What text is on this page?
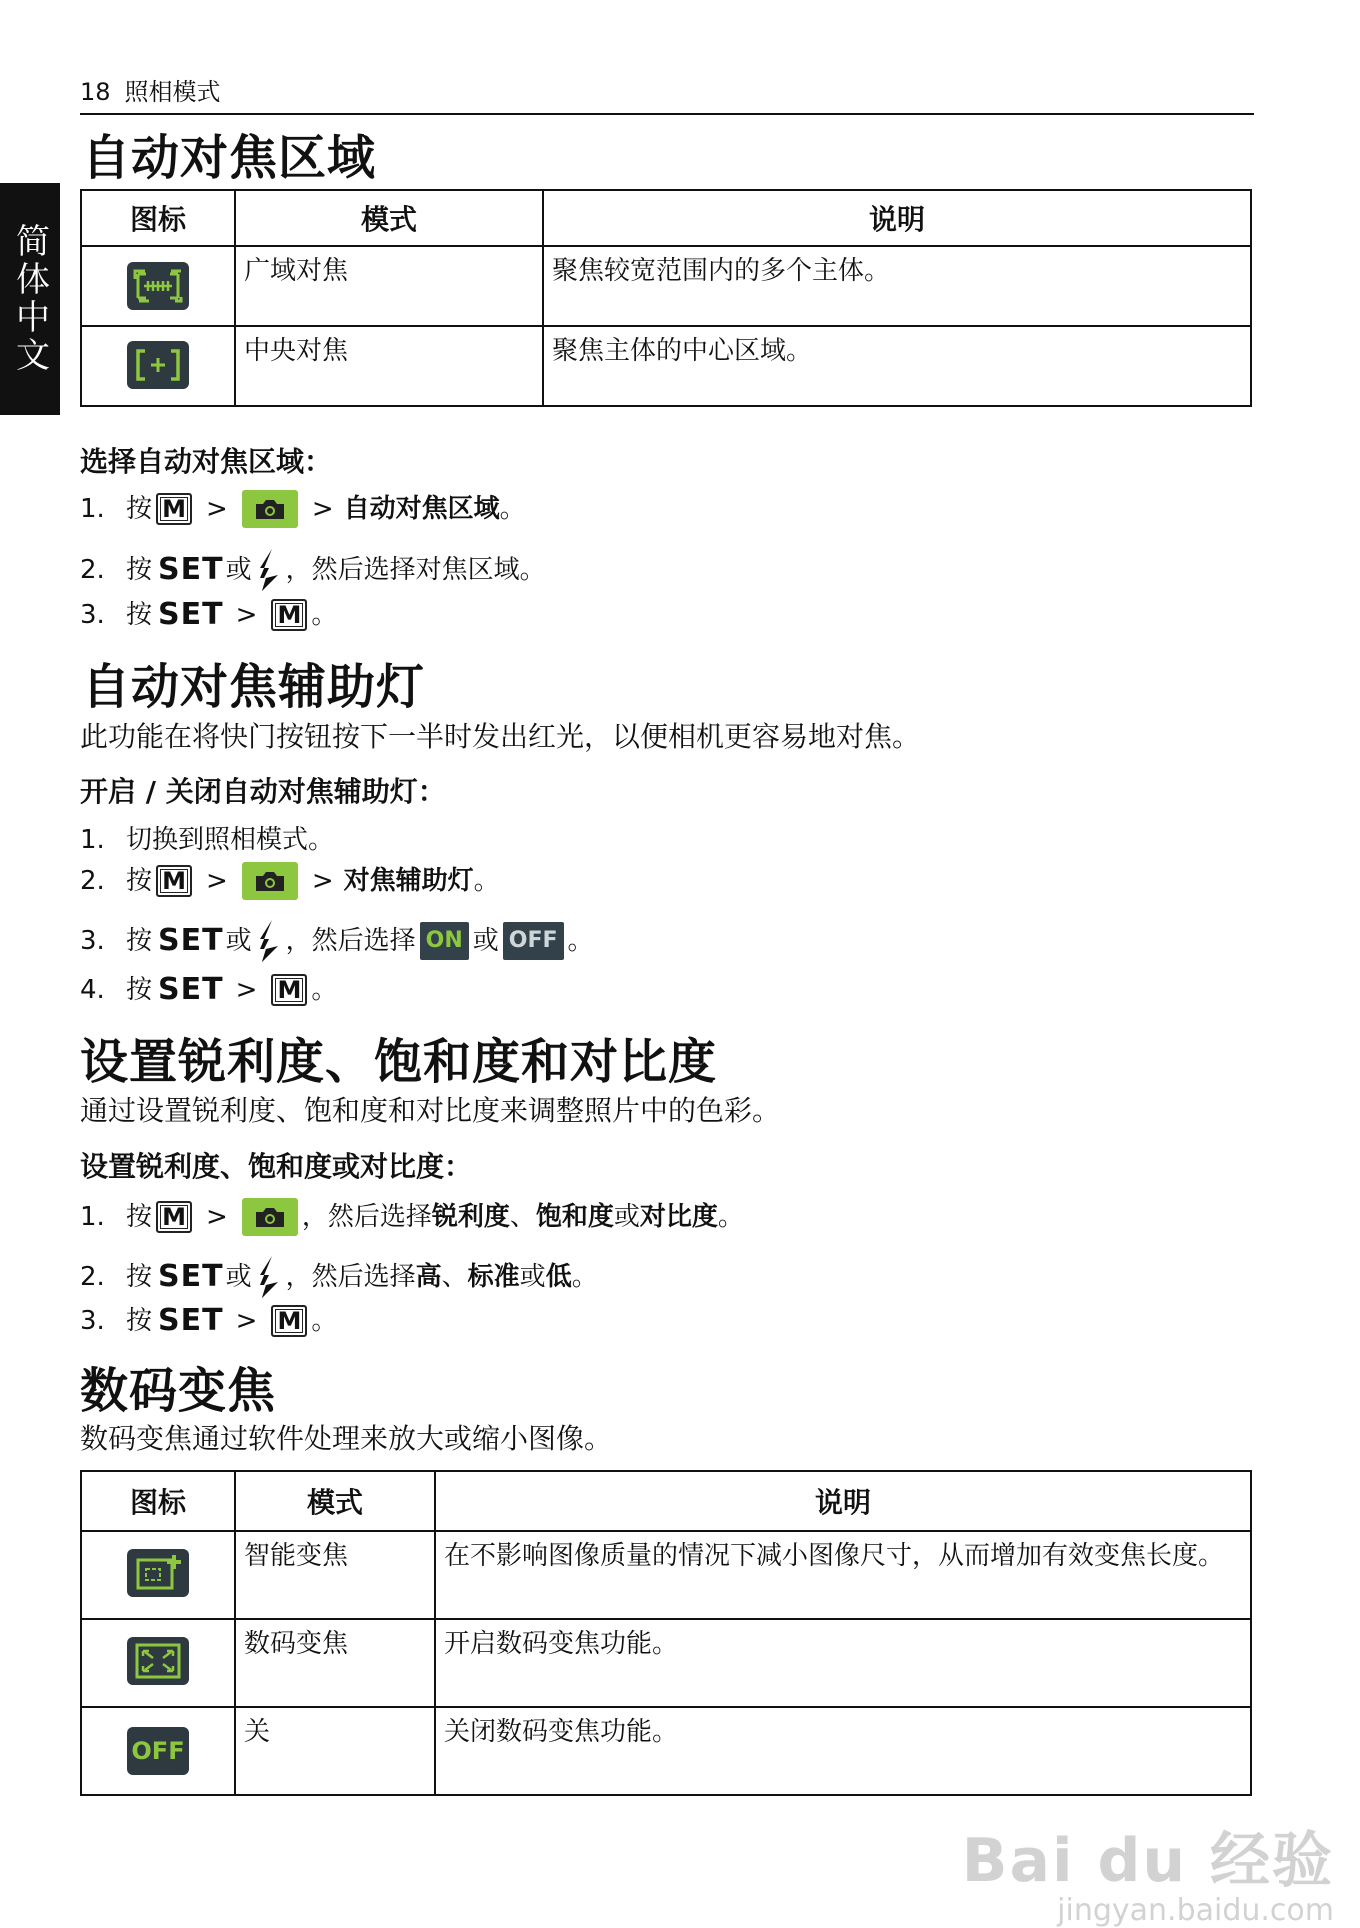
18 照相模式
简体中文
自动对焦区域
图标	模式	说明

	广域对焦	聚焦较宽范围内的多个主体。

	中央对焦	聚焦主体的中心区域。
选择自动对焦区域：
1. 按 M >	> 自动对焦区域 。
2. 按 SET 或 ，然后选择对焦区域。
3. 按 SET > M 。
自动对焦辅助灯

此功能在将快门按钮按下一半时发出红光，以便相机更容易地对焦。

开启 / 关闭自动对焦辅助灯：
1. 切换到照相模式。
2. 按 M >	> 对焦辅助灯 。
3. 按 SET 或 ，然后选择 ON 或 OFF 。
4. 按 SET > M 。
设置锐利度、饱和度和对比度

通过设置锐利度、饱和度和对比度来调整照片中的色彩。

设置锐利度、饱和度或对比度：
1. 按 M >	，然后选择 锐利度 、 饱和度 或 对比度 。
2. 按 SET 或 ，然后选择 高 、 标准 或 低 。
3. 按 SET > M 。
数码变焦

数码变焦通过软件处理来放大或缩小图像。

图标	模式	说明

	智能变焦	在不影响图像质量的情况下减小图像尺寸，从而增加有效变焦长度。

	数码变焦	开启数码变焦功能。
OFF	关	关闭数码变焦功能。
Bai du 经验
jingyan.baidu.com
